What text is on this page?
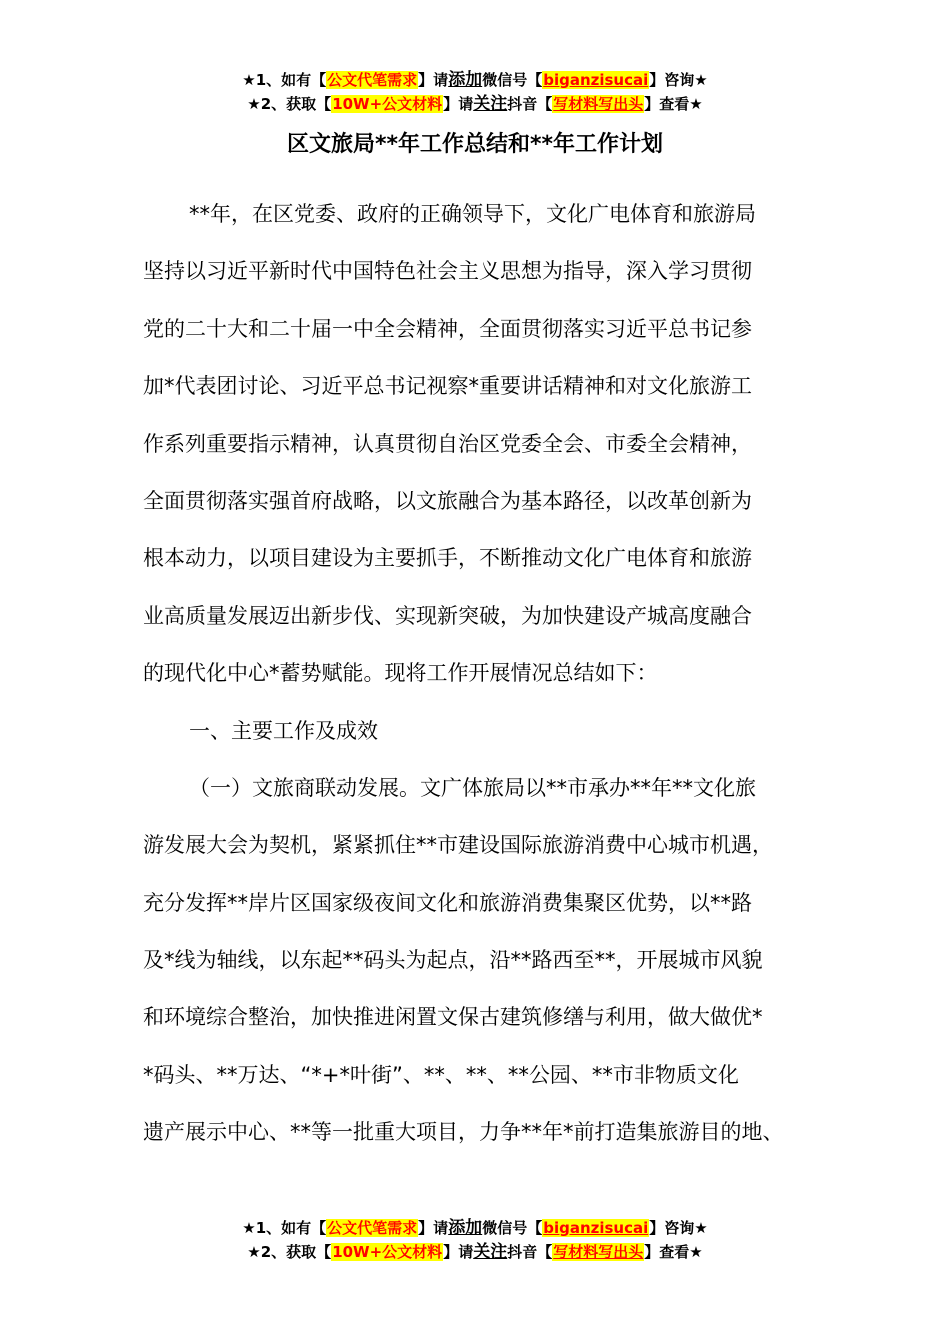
★1、如有【公文代笔需求】请添加微信号【biganzisucai】咨询★
★2、获取【10W+公文材料】请关注抖音【写材料写出头】查看★
区文旅局**年工作总结和**年工作计划
**年，在区党委、政府的正确领导下，文化广电体育和旅游局
坚持以习近平新时代中国特色社会主义思想为指导，深入学习贯彻
党的二十大和二十届一中全会精神，全面贯彻落实习近平总书记参
加*代表团讨论、习近平总书记视察*重要讲话精神和对文化旅游工
作系列重要指示精神，认真贯彻自治区党委全会、市委全会精神，
全面贯彻落实强首府战略，以文旅融合为基本路径，以改革创新为
根本动力，以项目建设为主要抓手，不断推动文化广电体育和旅游
业高质量发展迈出新步伐、实现新突破，为加快建设产城高度融合
的现代化中心*蓄势赋能。现将工作开展情况总结如下：
一、主要工作及成效
（一）文旅商联动发展。文广体旅局以**市承办**年**文化旅
游发展大会为契机，紧紧抓住**市建设国际旅游消费中心城市机遇，
充分发挥**岸片区国家级夜间文化和旅游消费集聚区优势，以**路
及*线为轴线，以东起**码头为起点，沿**路西至**，开展城市风貌
和环境综合整治，加快推进闲置文保古建筑修缮与利用，做大做优*
*码头、**万达、“*+*叶街”、**、**、**公园、**市非物质文化
遗产展示中心、**等一批重大项目，力争**年*前打造集旅游目的地、
★1、如有【公文代笔需求】请添加微信号【biganzisucai】咨询★
★2、获取【10W+公文材料】请关注抖音【写材料写出头】查看★
